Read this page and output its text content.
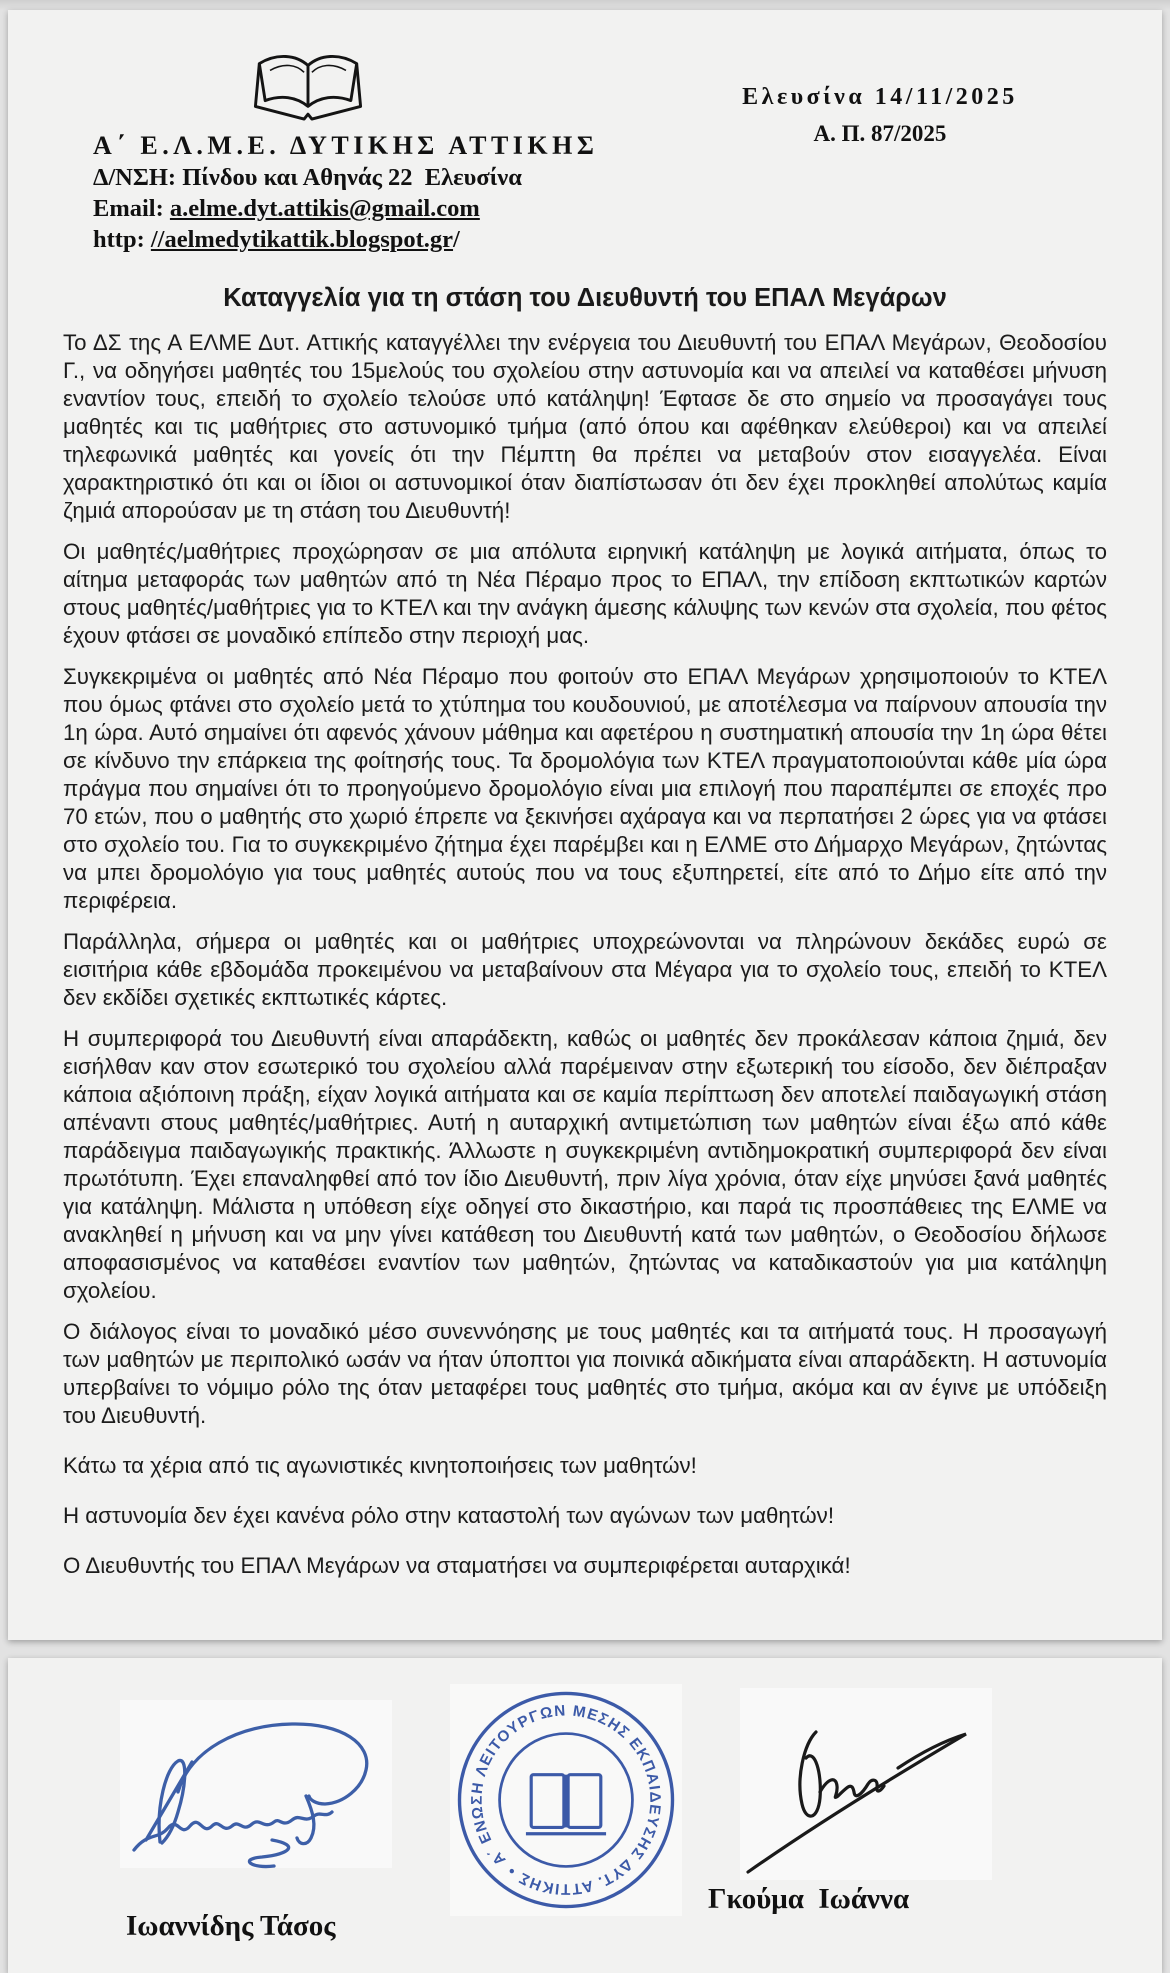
Α΄ Ε.Λ.Μ.Ε. ΔΥΤΙΚΗΣ ΑΤΤΙΚΗΣ
Δ/ΝΣΗ: Πίνδου και Αθηνάς 22  Ελευσίνα
Email: a.elme.dyt.attikis@gmail.com
http: //aelmedytikattik.blogspot.gr/
Ελευσίνα 14/11/2025
Α. Π. 87/2025
Καταγγελία για τη στάση του Διευθυντή του ΕΠΑΛ Μεγάρων

Το ΔΣ της Α ΕΛΜΕ Δυτ. Αττικής καταγγέλλει την ενέργεια του Διευθυντή του ΕΠΑΛ Μεγάρων, Θεοδοσίου Γ., να οδηγήσει μαθητές του 15μελούς του σχολείου στην αστυνομία και να απειλεί να καταθέσει μήνυση εναντίον τους, επειδή το σχολείο τελούσε υπό κατάληψη! Έφτασε δε στο σημείο να προσαγάγει τους μαθητές και τις μαθήτριες στο αστυνομικό τμήμα (από όπου και αφέθηκαν ελεύθεροι) και να απειλεί τηλεφωνικά μαθητές και γονείς ότι την Πέμπτη θα πρέπει να μεταβούν στον εισαγγελέα. Είναι χαρακτηριστικό ότι και οι ίδιοι οι αστυνομικοί όταν διαπίστωσαν ότι δεν έχει προκληθεί απολύτως καμία ζημιά απορούσαν με τη στάση του Διευθυντή!

Οι μαθητές/μαθήτριες προχώρησαν σε μια απόλυτα ειρηνική κατάληψη με λογικά αιτήματα, όπως το αίτημα μεταφοράς των μαθητών από τη Νέα Πέραμο προς το ΕΠΑΛ, την επίδοση εκπτωτικών καρτών στους μαθητές/μαθήτριες για το ΚΤΕΛ και την ανάγκη άμεσης κάλυψης των κενών στα σχολεία, που φέτος έχουν φτάσει σε μοναδικό επίπεδο στην περιοχή μας.

Συγκεκριμένα οι μαθητές από Νέα Πέραμο που φοιτούν στο ΕΠΑΛ Μεγάρων χρησιμοποιούν το ΚΤΕΛ που όμως φτάνει στο σχολείο μετά το χτύπημα του κουδουνιού, με αποτέλεσμα να παίρνουν απουσία την 1η ώρα. Αυτό σημαίνει ότι αφενός χάνουν μάθημα και αφετέρου η συστηματική απουσία την 1η ώρα θέτει σε κίνδυνο την επάρκεια της φοίτησής τους. Τα δρομολόγια των ΚΤΕΛ πραγματοποιούνται κάθε μία ώρα πράγμα που σημαίνει ότι το προηγούμενο δρομολόγιο είναι μια επιλογή που παραπέμπει σε εποχές προ 70 ετών, που ο μαθητής στο χωριό έπρεπε να ξεκινήσει αχάραγα και να περπατήσει 2 ώρες για να φτάσει στο σχολείο του. Για το συγκεκριμένο ζήτημα έχει παρέμβει και η ΕΛΜΕ στο Δήμαρχο Μεγάρων, ζητώντας να μπει δρομολόγιο για τους μαθητές αυτούς που να τους εξυπηρετεί, είτε από το Δήμο είτε από την περιφέρεια.

Παράλληλα, σήμερα οι μαθητές και οι μαθήτριες υποχρεώνονται να πληρώνουν δεκάδες ευρώ σε εισιτήρια κάθε εβδομάδα προκειμένου να μεταβαίνουν στα Μέγαρα για το σχολείο τους, επειδή το ΚΤΕΛ δεν εκδίδει σχετικές εκπτωτικές κάρτες.

Η συμπεριφορά του Διευθυντή είναι απαράδεκτη, καθώς οι μαθητές δεν προκάλεσαν κάποια ζημιά, δεν εισήλθαν καν στον εσωτερικό του σχολείου αλλά παρέμειναν στην εξωτερική του είσοδο, δεν διέπραξαν κάποια αξιόποινη πράξη, είχαν λογικά αιτήματα και σε καμία περίπτωση δεν αποτελεί παιδαγωγική στάση απέναντι στους μαθητές/μαθήτριες. Αυτή η αυταρχική αντιμετώπιση των μαθητών είναι έξω από κάθε παράδειγμα παιδαγωγικής πρακτικής. Άλλωστε η συγκεκριμένη αντιδημοκρατική συμπεριφορά δεν είναι πρωτότυπη. Έχει επαναληφθεί από τον ίδιο Διευθυντή, πριν λίγα χρόνια, όταν είχε μηνύσει ξανά μαθητές για κατάληψη. Μάλιστα η υπόθεση είχε οδηγεί στο δικαστήριο, και παρά τις προσπάθειες της ΕΛΜΕ να ανακληθεί η μήνυση και να μην γίνει κατάθεση του Διευθυντή κατά των μαθητών, ο Θεοδοσίου δήλωσε αποφασισμένος να καταθέσει εναντίον των μαθητών, ζητώντας να καταδικαστούν για μια κατάληψη σχολείου.

Ο διάλογος είναι το μοναδικό μέσο συνεννόησης με τους μαθητές και τα αιτήματά τους. Η προσαγωγή των μαθητών με περιπολικό ωσάν να ήταν ύποπτοι για ποινικά αδικήματα είναι απαράδεκτη. Η αστυνομία υπερβαίνει το νόμιμο ρόλο της όταν μεταφέρει τους μαθητές στο τμήμα, ακόμα και αν έγινε με υπόδειξη του Διευθυντή.

Κάτω τα χέρια από τις αγωνιστικές κινητοποιήσεις των μαθητών!

Η αστυνομία δεν έχει κανένα ρόλο στην καταστολή των αγώνων των μαθητών!

Ο Διευθυντής του ΕΠΑΛ Μεγάρων να σταματήσει να συμπεριφέρεται αυταρχικά!

Α΄ ΕΝΩΣΗ ΛΕΙΤΟΥΡΓΩΝ ΜΕΣΗΣ ΕΚΠΑΙΔΕΥΣΗΣ ΔΥΤ. ΑΤΤΙΚΗΣ •
Γκούμα  Ιωάννα
Ιωαννίδης Τάσος
